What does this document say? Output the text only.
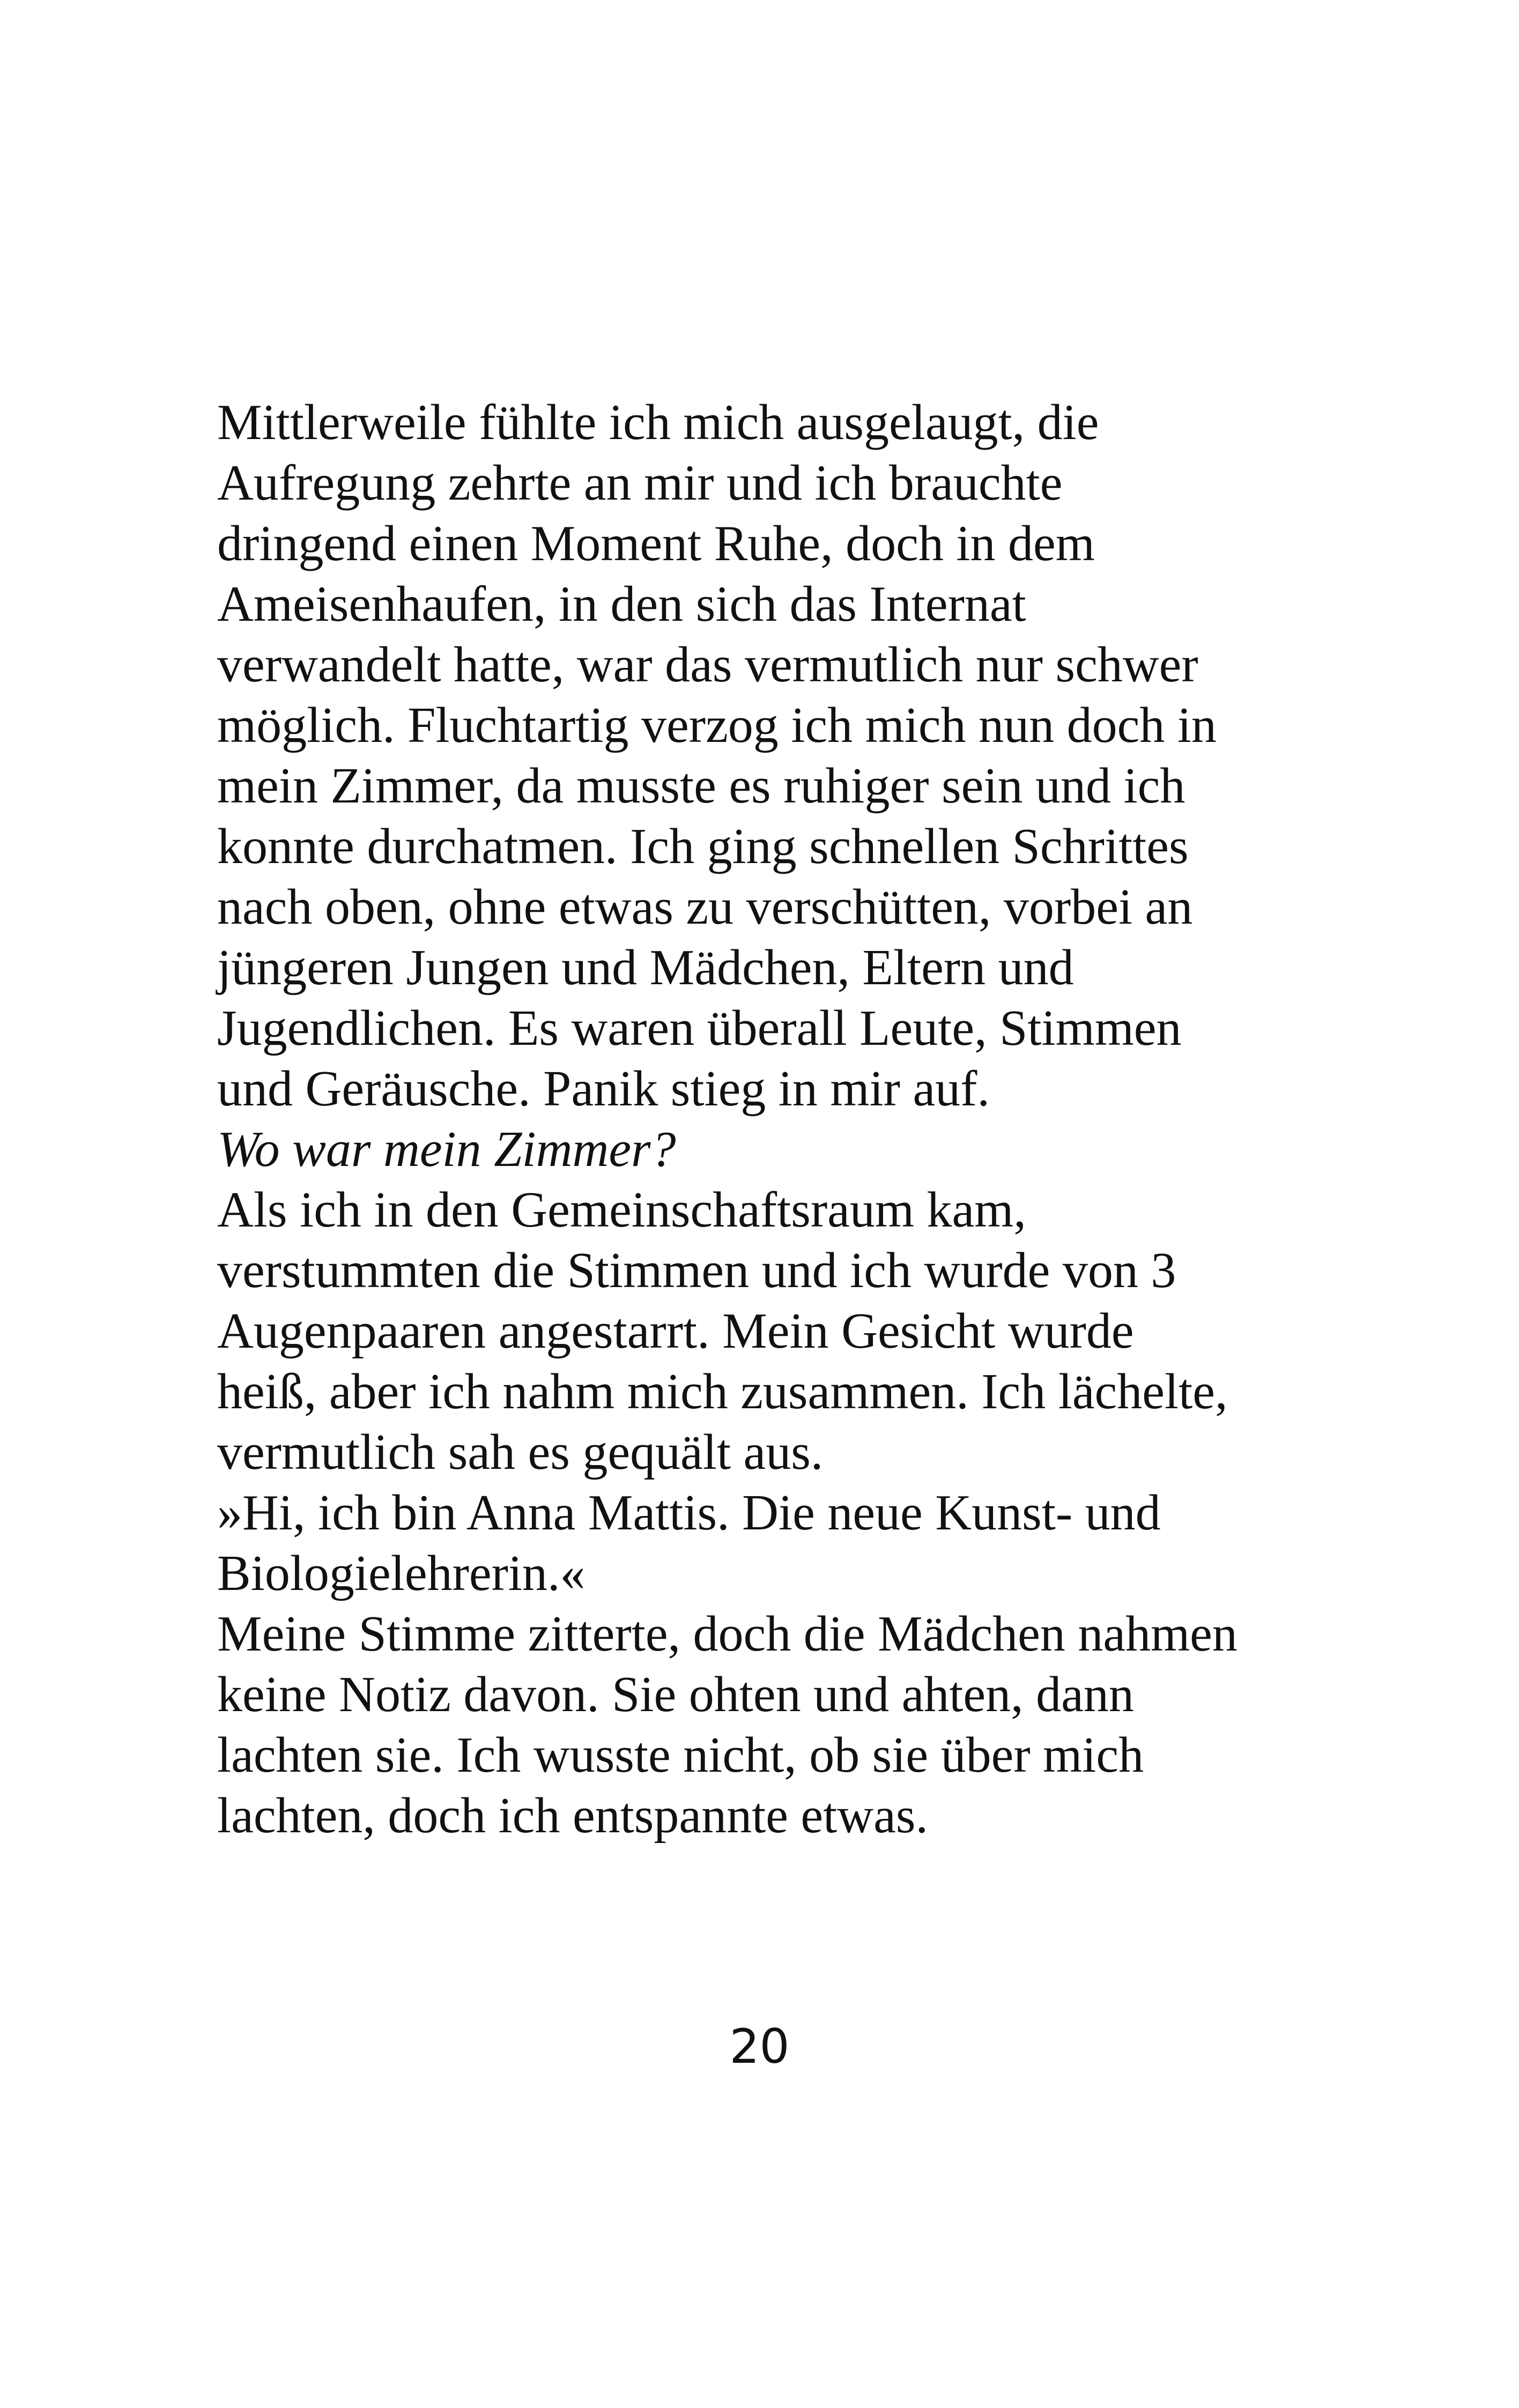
Mittlerweile fühlte ich mich ausgelaugt, die
Aufregung zehrte an mir und ich brauchte
dringend einen Moment Ruhe, doch in dem
Ameisenhaufen, in den sich das Internat
verwandelt hatte, war das vermutlich nur schwer
möglich. Fluchtartig verzog ich mich nun doch in
mein Zimmer, da musste es ruhiger sein und ich
konnte durchatmen. Ich ging schnellen Schrittes
nach oben, ohne etwas zu verschütten, vorbei an
jüngeren Jungen und Mädchen, Eltern und
Jugendlichen. Es waren überall Leute, Stimmen
und Geräusche. Panik stieg in mir auf.
Wo war mein Zimmer?
Als ich in den Gemeinschaftsraum kam,
verstummten die Stimmen und ich wurde von 3
Augenpaaren angestarrt. Mein Gesicht wurde
heiß, aber ich nahm mich zusammen. Ich lächelte,
vermutlich sah es gequält aus.
»Hi, ich bin Anna Mattis. Die neue Kunst- und
Biologielehrerin.«
Meine Stimme zitterte, doch die Mädchen nahmen
keine Notiz davon. Sie ohten und ahten, dann
lachten sie. Ich wusste nicht, ob sie über mich
lachten, doch ich entspannte etwas.
20
